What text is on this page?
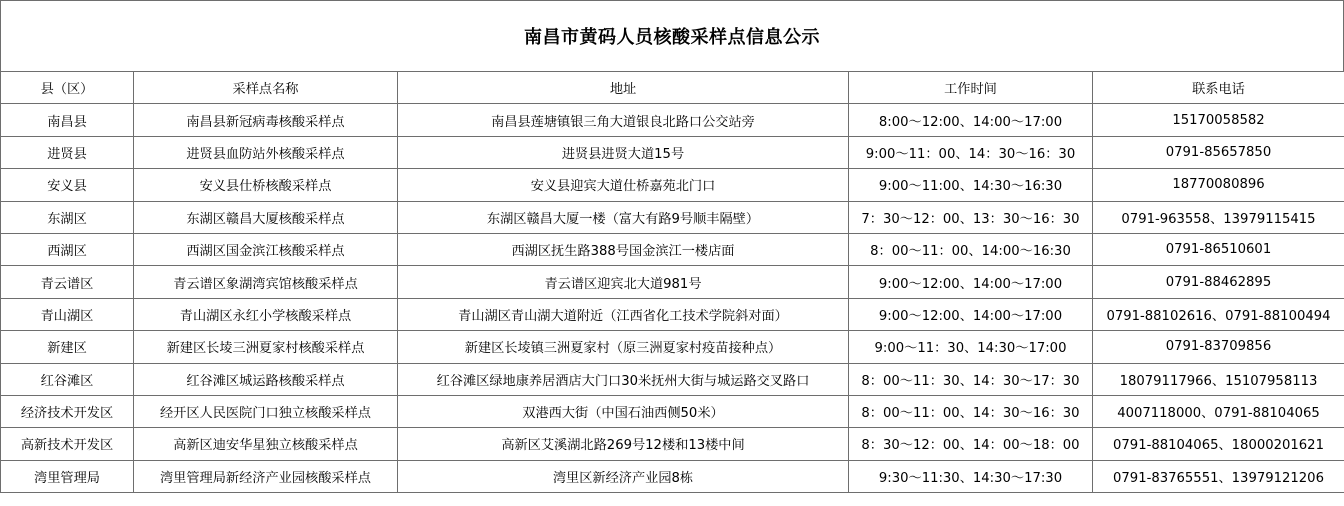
南昌市黄码人员核酸采样点信息公示
县（区）	采样点名称	地址	工作时间	联系电话
南昌县	南昌县新冠病毒核酸采样点	南昌县莲塘镇银三角大道银良北路口公交站旁	8:00～12:00、14:00～17:00	15170058582
进贤县	进贤县血防站外核酸采样点	进贤县进贤大道15号	9:00～11：00、14：30～16：30	0791-85657850
安义县	安义县仕桥核酸采样点	安义县迎宾大道仕桥嘉苑北门口	9:00～11:00、14:30～16:30	18770080896
东湖区	东湖区赣昌大厦核酸采样点	东湖区赣昌大厦一楼（富大有路9号顺丰隔壁）	7：30～12：00、13：30～16：30	0791-963558、13979115415
西湖区	西湖区国金滨江核酸采样点	西湖区抚生路388号国金滨江一楼店面	8：00～11：00、14:00～16:30	0791-86510601
青云谱区	青云谱区象湖湾宾馆核酸采样点	青云谱区迎宾北大道981号	9:00～12:00、14:00～17:00	0791-88462895
青山湖区	青山湖区永红小学核酸采样点	青山湖区青山湖大道附近（江西省化工技术学院斜对面）	9:00～12:00、14:00～17:00	0791-88102616、0791-88100494
新建区	新建区长堎三洲夏家村核酸采样点	新建区长堎镇三洲夏家村（原三洲夏家村疫苗接种点）	9:00～11：30、14:30～17:00	0791-83709856
红谷滩区	红谷滩区城运路核酸采样点	红谷滩区绿地康养居酒店大门口30米抚州大街与城运路交叉路口	8：00～11：30、14：30～17：30	18079117966、15107958113
经济技术开发区	经开区人民医院门口独立核酸采样点	双港西大街（中国石油西侧50米）	8：00～11：00、14：30～16：30	4007118000、0791-88104065
高新技术开发区	高新区迪安华星独立核酸采样点	高新区艾溪湖北路269号12楼和13楼中间	8：30～12：00、14：00～18：00	0791-88104065、18000201621
湾里管理局	湾里管理局新经济产业园核酸采样点	湾里区新经济产业园8栋	9:30～11:30、14:30～17:30	0791-83765551、13979121206
